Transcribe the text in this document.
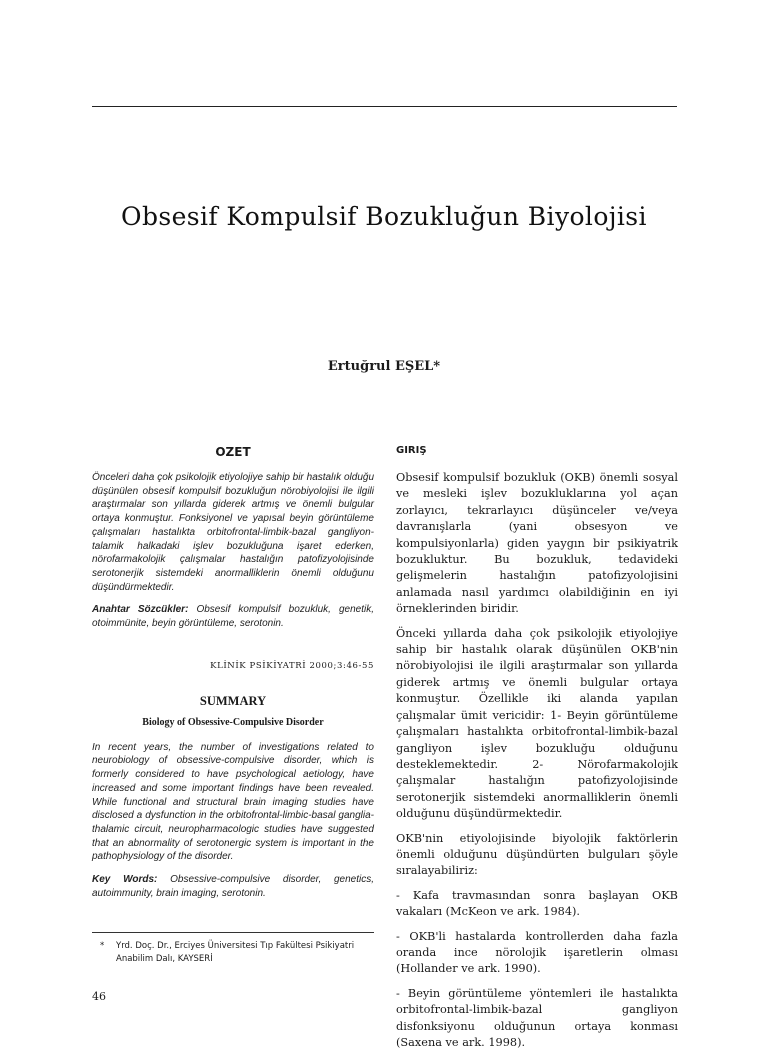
Obsesif Kompulsif Bozukluğun Biyolojisi
Ertuğrul EŞEL*
OZET

Önceleri daha çok psikolojik etiyolojiye sahip bir hastalık olduğu düşünülen obsesif kompulsif bozukluğun nörobiyolojisi ile ilgili araştırmalar son yıllarda giderek artmış ve önemli bulgular ortaya konmuştur. Fonksiyonel ve yapısal beyin görüntüleme çalışmaları hastalıkta orbitofrontal-limbik-bazal gangliyon-talamik halkadaki işlev bozukluğuna işaret ederken, nörofarmakolojik çalışmalar hastalığın patofizyolojisinde serotonerjik sistemdeki anormalliklerin önemli olduğunu düşündürmektedir.

Anahtar Sözcükler: Obsesif kompulsif bozukluk, genetik, otoimmünite, beyin görüntüleme, serotonin.

KLİNİK PSİKİYATRİ 2000;3:46-55
SUMMARY
Biology of Obsessive-Compulsive Disorder

In recent years, the number of investigations related to neurobiology of obsessive-compulsive disorder, which is formerly considered to have psychological aetiology, have increased and some important findings have been revealed. While functional and structural brain imaging studies have disclosed a dysfunction in the orbitofrontal-limbic-basal ganglia-thalamic circuit, neuropharmacologic studies have suggested that an abnormality of serotonergic system is important in the pathophysiology of the disorder.

Key Words: Obsessive-compulsive disorder, genetics, autoimmunity, brain imaging, serotonin.

*	Yrd. Doç. Dr., Erciyes Üniversitesi Tıp Fakültesi Psikiyatri Anabilim Dalı, KAYSERİ
GIRIŞ

Obsesif kompulsif bozukluk (OKB) önemli sosyal ve mesleki işlev bozukluklarına yol açan zorlayıcı, tekrarlayıcı düşünceler ve/veya davranışlarla (yani obsesyon ve kompulsiyonlarla) giden yaygın bir psikiyatrik bozukluktur. Bu bozukluk, tedavideki gelişmelerin hastalığın patofizyolojisini anlamada nasıl yardımcı olabildiğinin en iyi örneklerinden biridir.

Önceki yıllarda daha çok psikolojik etiyolojiye sahip bir hastalık olarak düşünülen OKB'nin nörobiyolojisi ile ilgili araştırmalar son yıllarda giderek artmış ve önemli bulgular ortaya konmuştur. Özellikle iki alanda yapılan çalışmalar ümit vericidir: 1- Beyin görüntüleme çalışmaları hastalıkta orbitofrontal-limbik-bazal gangliyon işlev bozukluğu olduğunu desteklemektedir. 2- Nörofarmakolojik çalışmalar hastalığın patofizyolojisinde serotonerjik sistemdeki anormalliklerin önemli olduğunu düşündürmektedir.

OKB'nin etiyolojisinde biyolojik faktörlerin önemli olduğunu düşündürten bulguları şöyle sıralayabiliriz:

- Kafa travmasından sonra başlayan OKB vakaları (McKeon ve ark. 1984).

- OKB'li hastalarda kontrollerden daha fazla oranda ince nörolojik işaretlerin olması (Hollander ve ark. 1990).

- Beyin görüntüleme yöntemleri ile hastalıkta orbitofrontal-limbik-bazal gangliyon disfonksiyonu olduğunun ortaya konması (Saxena ve ark. 1998).

46
